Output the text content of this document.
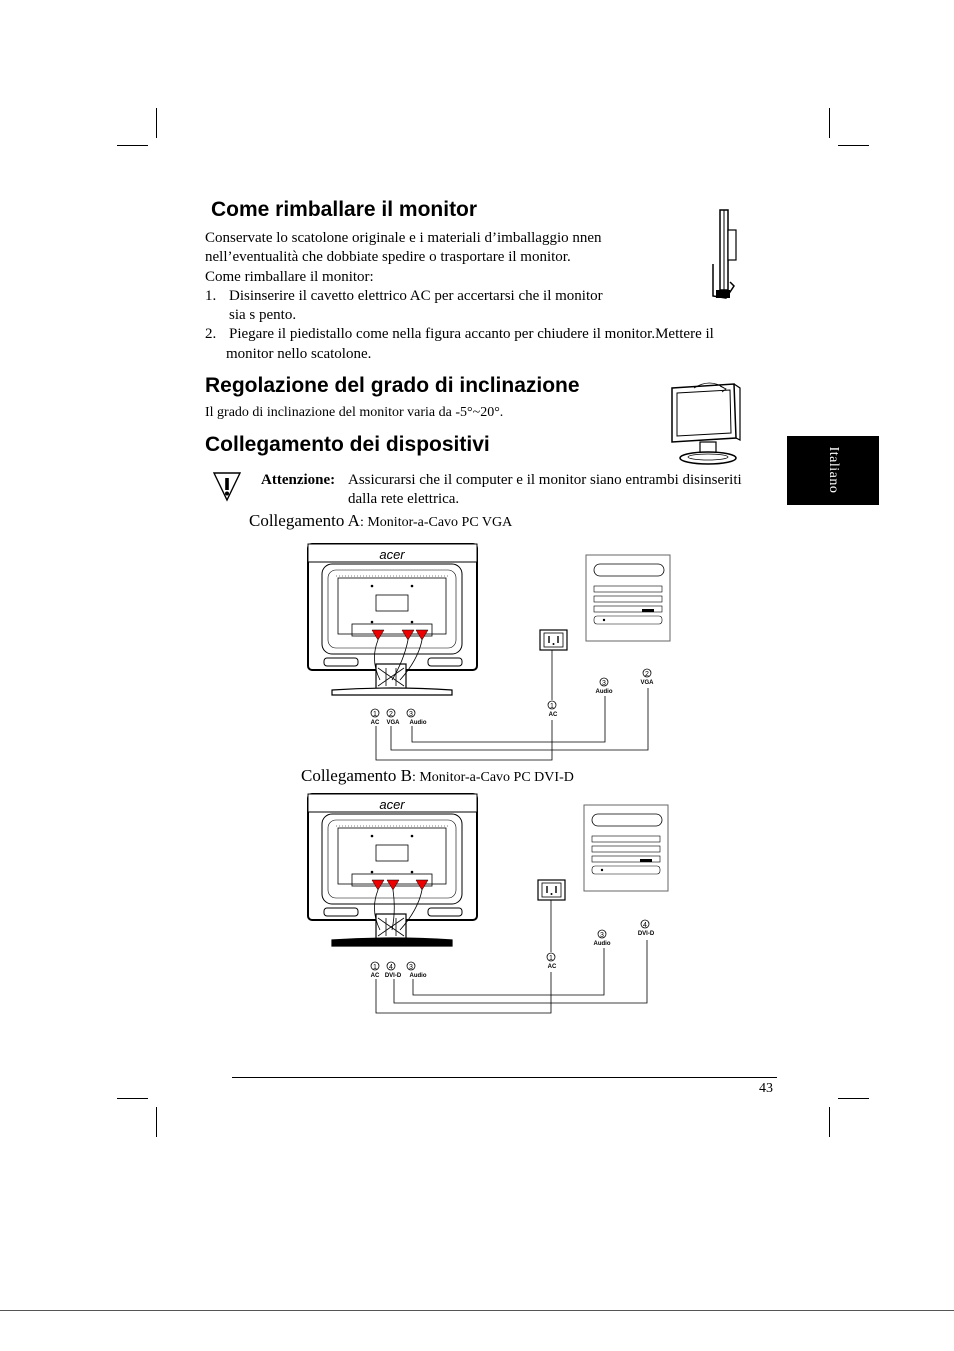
Italiano
Come rimballare il monitor
Conservate lo scatolone originale e i materiali d’imballaggio nnen
nell’eventualità che dobbiate spedire o trasportare il monitor.
Come rimballare il monitor:
1. Disinserire il cavetto elettrico AC per accertarsi che il monitor
sia s pento.
2. Piegare il piedistallo come nella figura accanto per chiudere il monitor.Mettere il
monitor nello scatolone.
Regolazione del grado di inclinazione
Il grado di inclinazione del monitor varia da -5°~20°.
Collegamento dei dispositivi
Attenzione: Assicurarsi che il computer e il monitor siano entrambi disinseriti
dalla rete elettrica.
Collegamento A: Monitor-a-Cavo PC VGA
acer
1
AC
2
VGA
3
Audio
1
AC
3
Audio
2
VGA
Collegamento B: Monitor-a-Cavo PC DVI-D
acer
1
AC
4
DVI-D
3
Audio
1
AC
3
Audio
4
DVI-D
43
